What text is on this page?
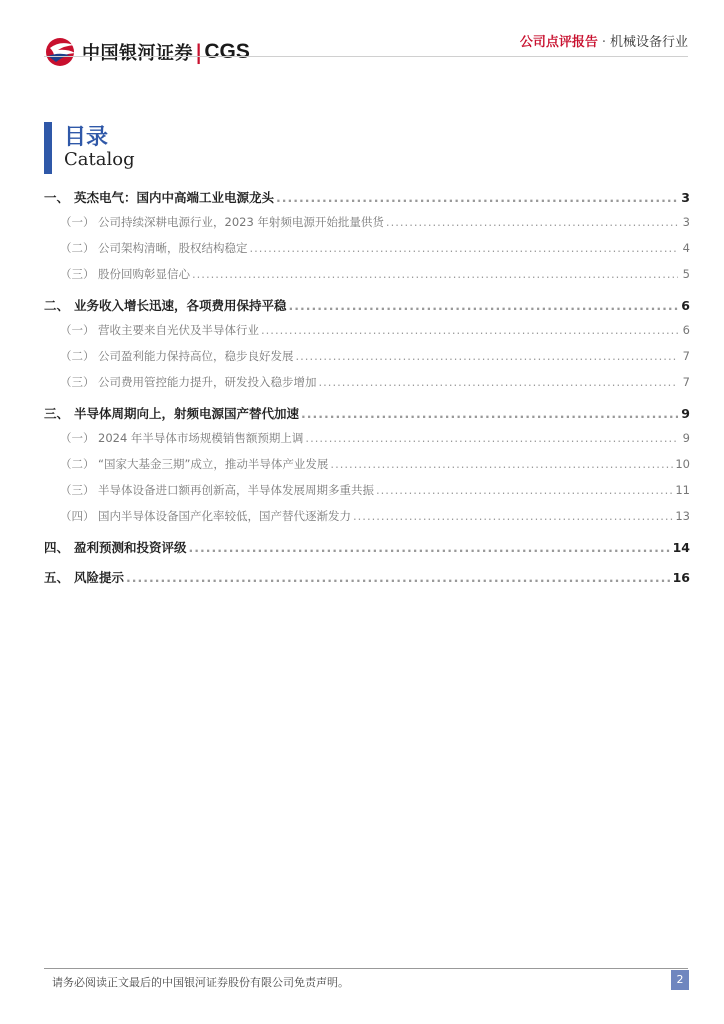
中国银河证券 | CGS	公司点评报告 · 机械设备行业
目录
Catalog
一、 英杰电气：国内中高端工业电源龙头 .....	3
（一） 公司持续深耕电源行业，2023 年射频电源开始批量供货 .....	3
（二） 公司架构清晰，股权结构稳定 .....	4
（三） 股份回购彰显信心 .....	5
二、 业务收入增长迅速，各项费用保持平稳 .....	6
（一） 营收主要来自光伏及半导体行业 .....	6
（二） 公司盈利能力保持高位，稳步良好发展 .....	7
（三） 公司费用管控能力提升，研发投入稳步增加 .....	7
三、 半导体周期向上，射频电源国产替代加速 .....	9
（一） 2024 年半导体市场规模销售额预期上调 .....	9
（二） “国家大基金三期”成立，推动半导体产业发展 .....	10
（三） 半导体设备进口额再创新高，半导体发展周期多重共振 .....	11
（四） 国内半导体设备国产化率较低，国产替代逐渐发力 .....	13
四、 盈利预测和投资评级 .....	14
五、 风险提示 .....	16
请务必阅读正文最后的中国银河证券股份有限公司免责声明。	2
